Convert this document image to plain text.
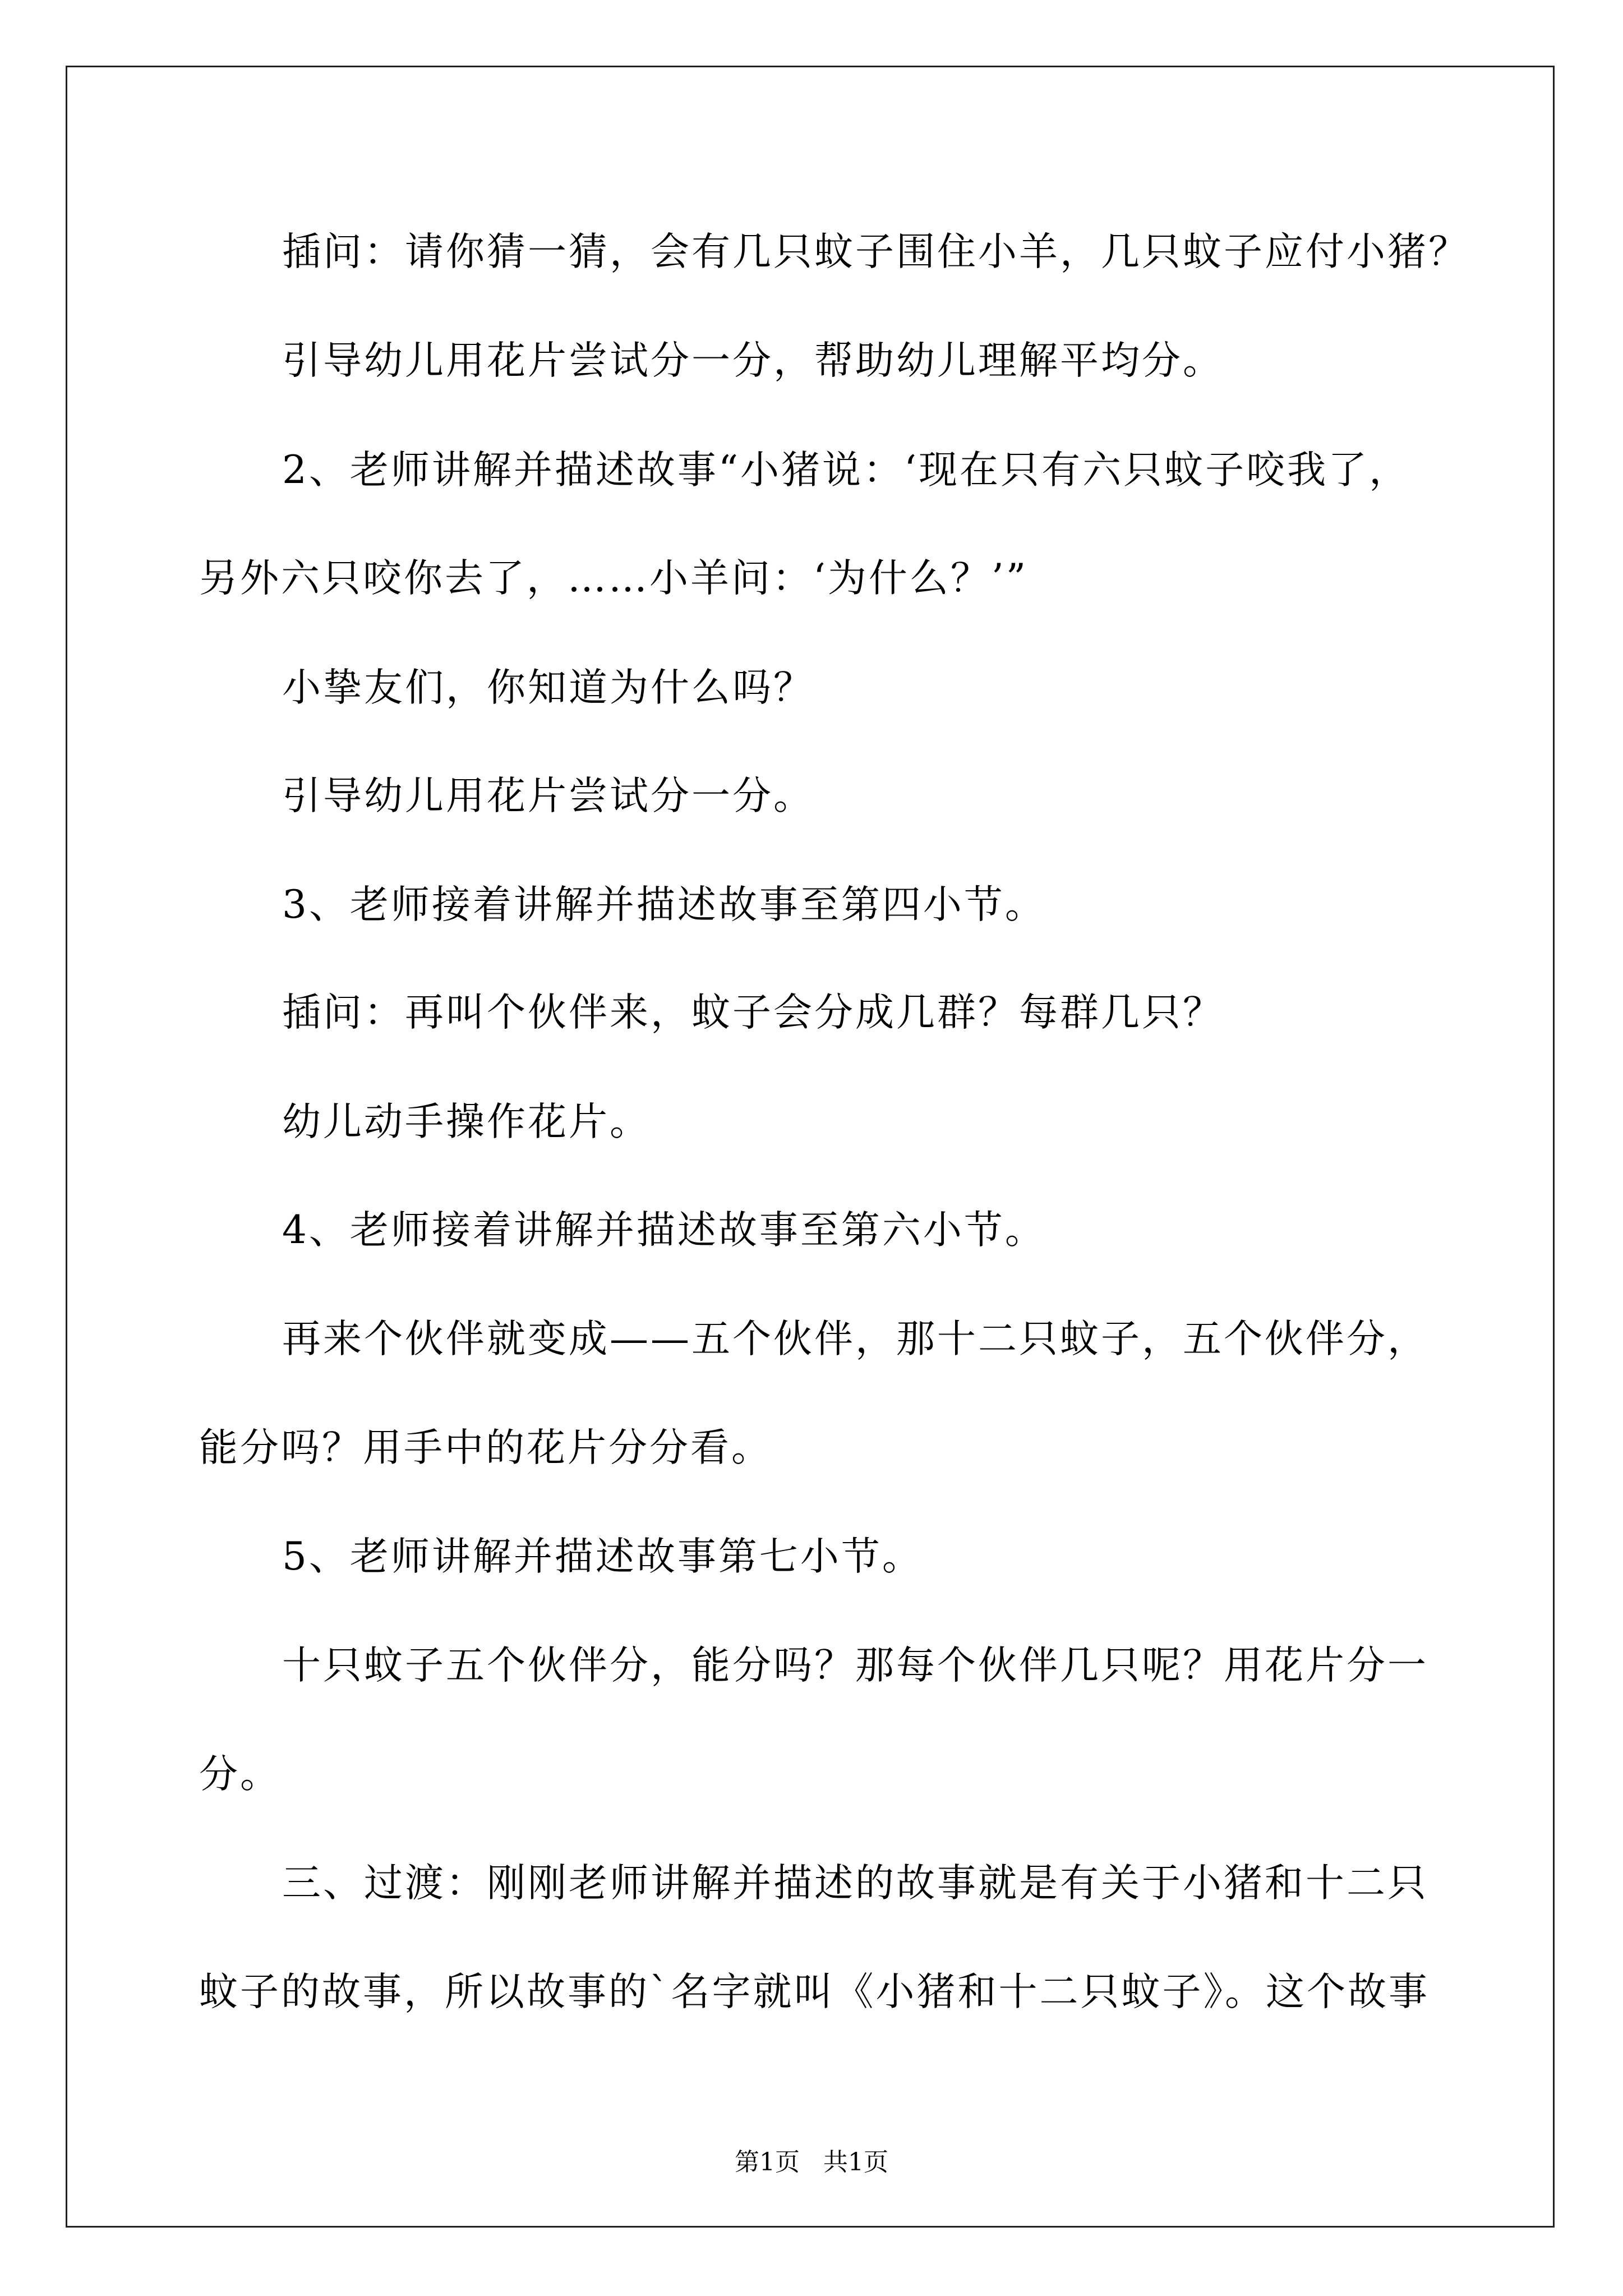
插问：请你猜一猜，会有几只蚊子围住小羊，几只蚊子应付小猪？
引导幼儿用花片尝试分一分，帮助幼儿理解平均分。
2、老师讲解并描述故事“小猪说：‘现在只有六只蚊子咬我了，
另外六只咬你去了，……小羊问：‘为什么？’”
小挚友们，你知道为什么吗？
引导幼儿用花片尝试分一分。
3、老师接着讲解并描述故事至第四小节。
插问：再叫个伙伴来，蚊子会分成几群？每群几只？
幼儿动手操作花片。
4、老师接着讲解并描述故事至第六小节。
再来个伙伴就变成——五个伙伴，那十二只蚊子，五个伙伴分，
能分吗？用手中的花片分分看。
5、老师讲解并描述故事第七小节。
十只蚊子五个伙伴分，能分吗？那每个伙伴几只呢？用花片分一
分。
三、过渡：刚刚老师讲解并描述的故事就是有关于小猪和十二只
蚊子的故事，所以故事的`名字就叫《小猪和十二只蚊子》。这个故事
第1页   共1页
